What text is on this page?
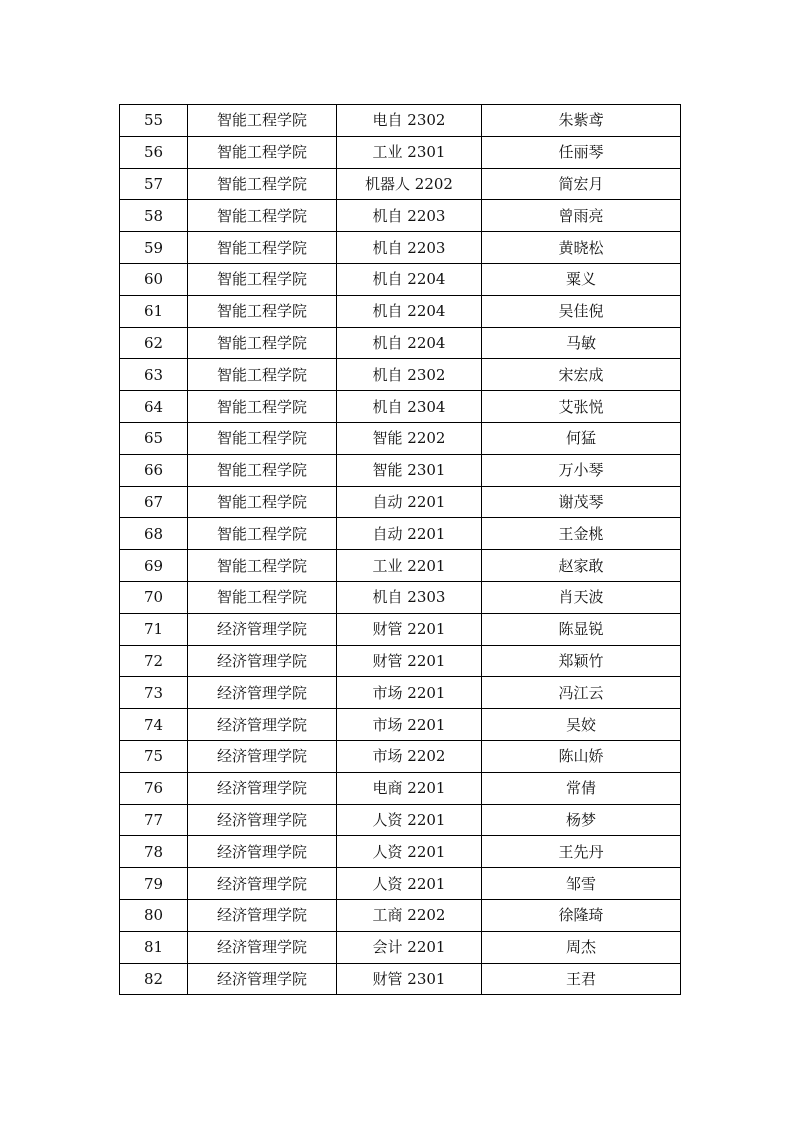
55	智能工程学院	电自 2302	朱紫鸢
56	智能工程学院	工业 2301	任丽琴
57	智能工程学院	机器人 2202	简宏月
58	智能工程学院	机自 2203	曾雨亮
59	智能工程学院	机自 2203	黄晓松
60	智能工程学院	机自 2204	粟义
61	智能工程学院	机自 2204	吴佳倪
62	智能工程学院	机自 2204	马敏
63	智能工程学院	机自 2302	宋宏成
64	智能工程学院	机自 2304	艾张悦
65	智能工程学院	智能 2202	何猛
66	智能工程学院	智能 2301	万小琴
67	智能工程学院	自动 2201	谢茂琴
68	智能工程学院	自动 2201	王金桃
69	智能工程学院	工业 2201	赵家敢
70	智能工程学院	机自 2303	肖天波
71	经济管理学院	财管 2201	陈显锐
72	经济管理学院	财管 2201	郑颖竹
73	经济管理学院	市场 2201	冯江云
74	经济管理学院	市场 2201	吴姣
75	经济管理学院	市场 2202	陈山娇
76	经济管理学院	电商 2201	常倩
77	经济管理学院	人资 2201	杨梦
78	经济管理学院	人资 2201	王先丹
79	经济管理学院	人资 2201	邹雪
80	经济管理学院	工商 2202	徐隆琦
81	经济管理学院	会计 2201	周杰
82	经济管理学院	财管 2301	王君
